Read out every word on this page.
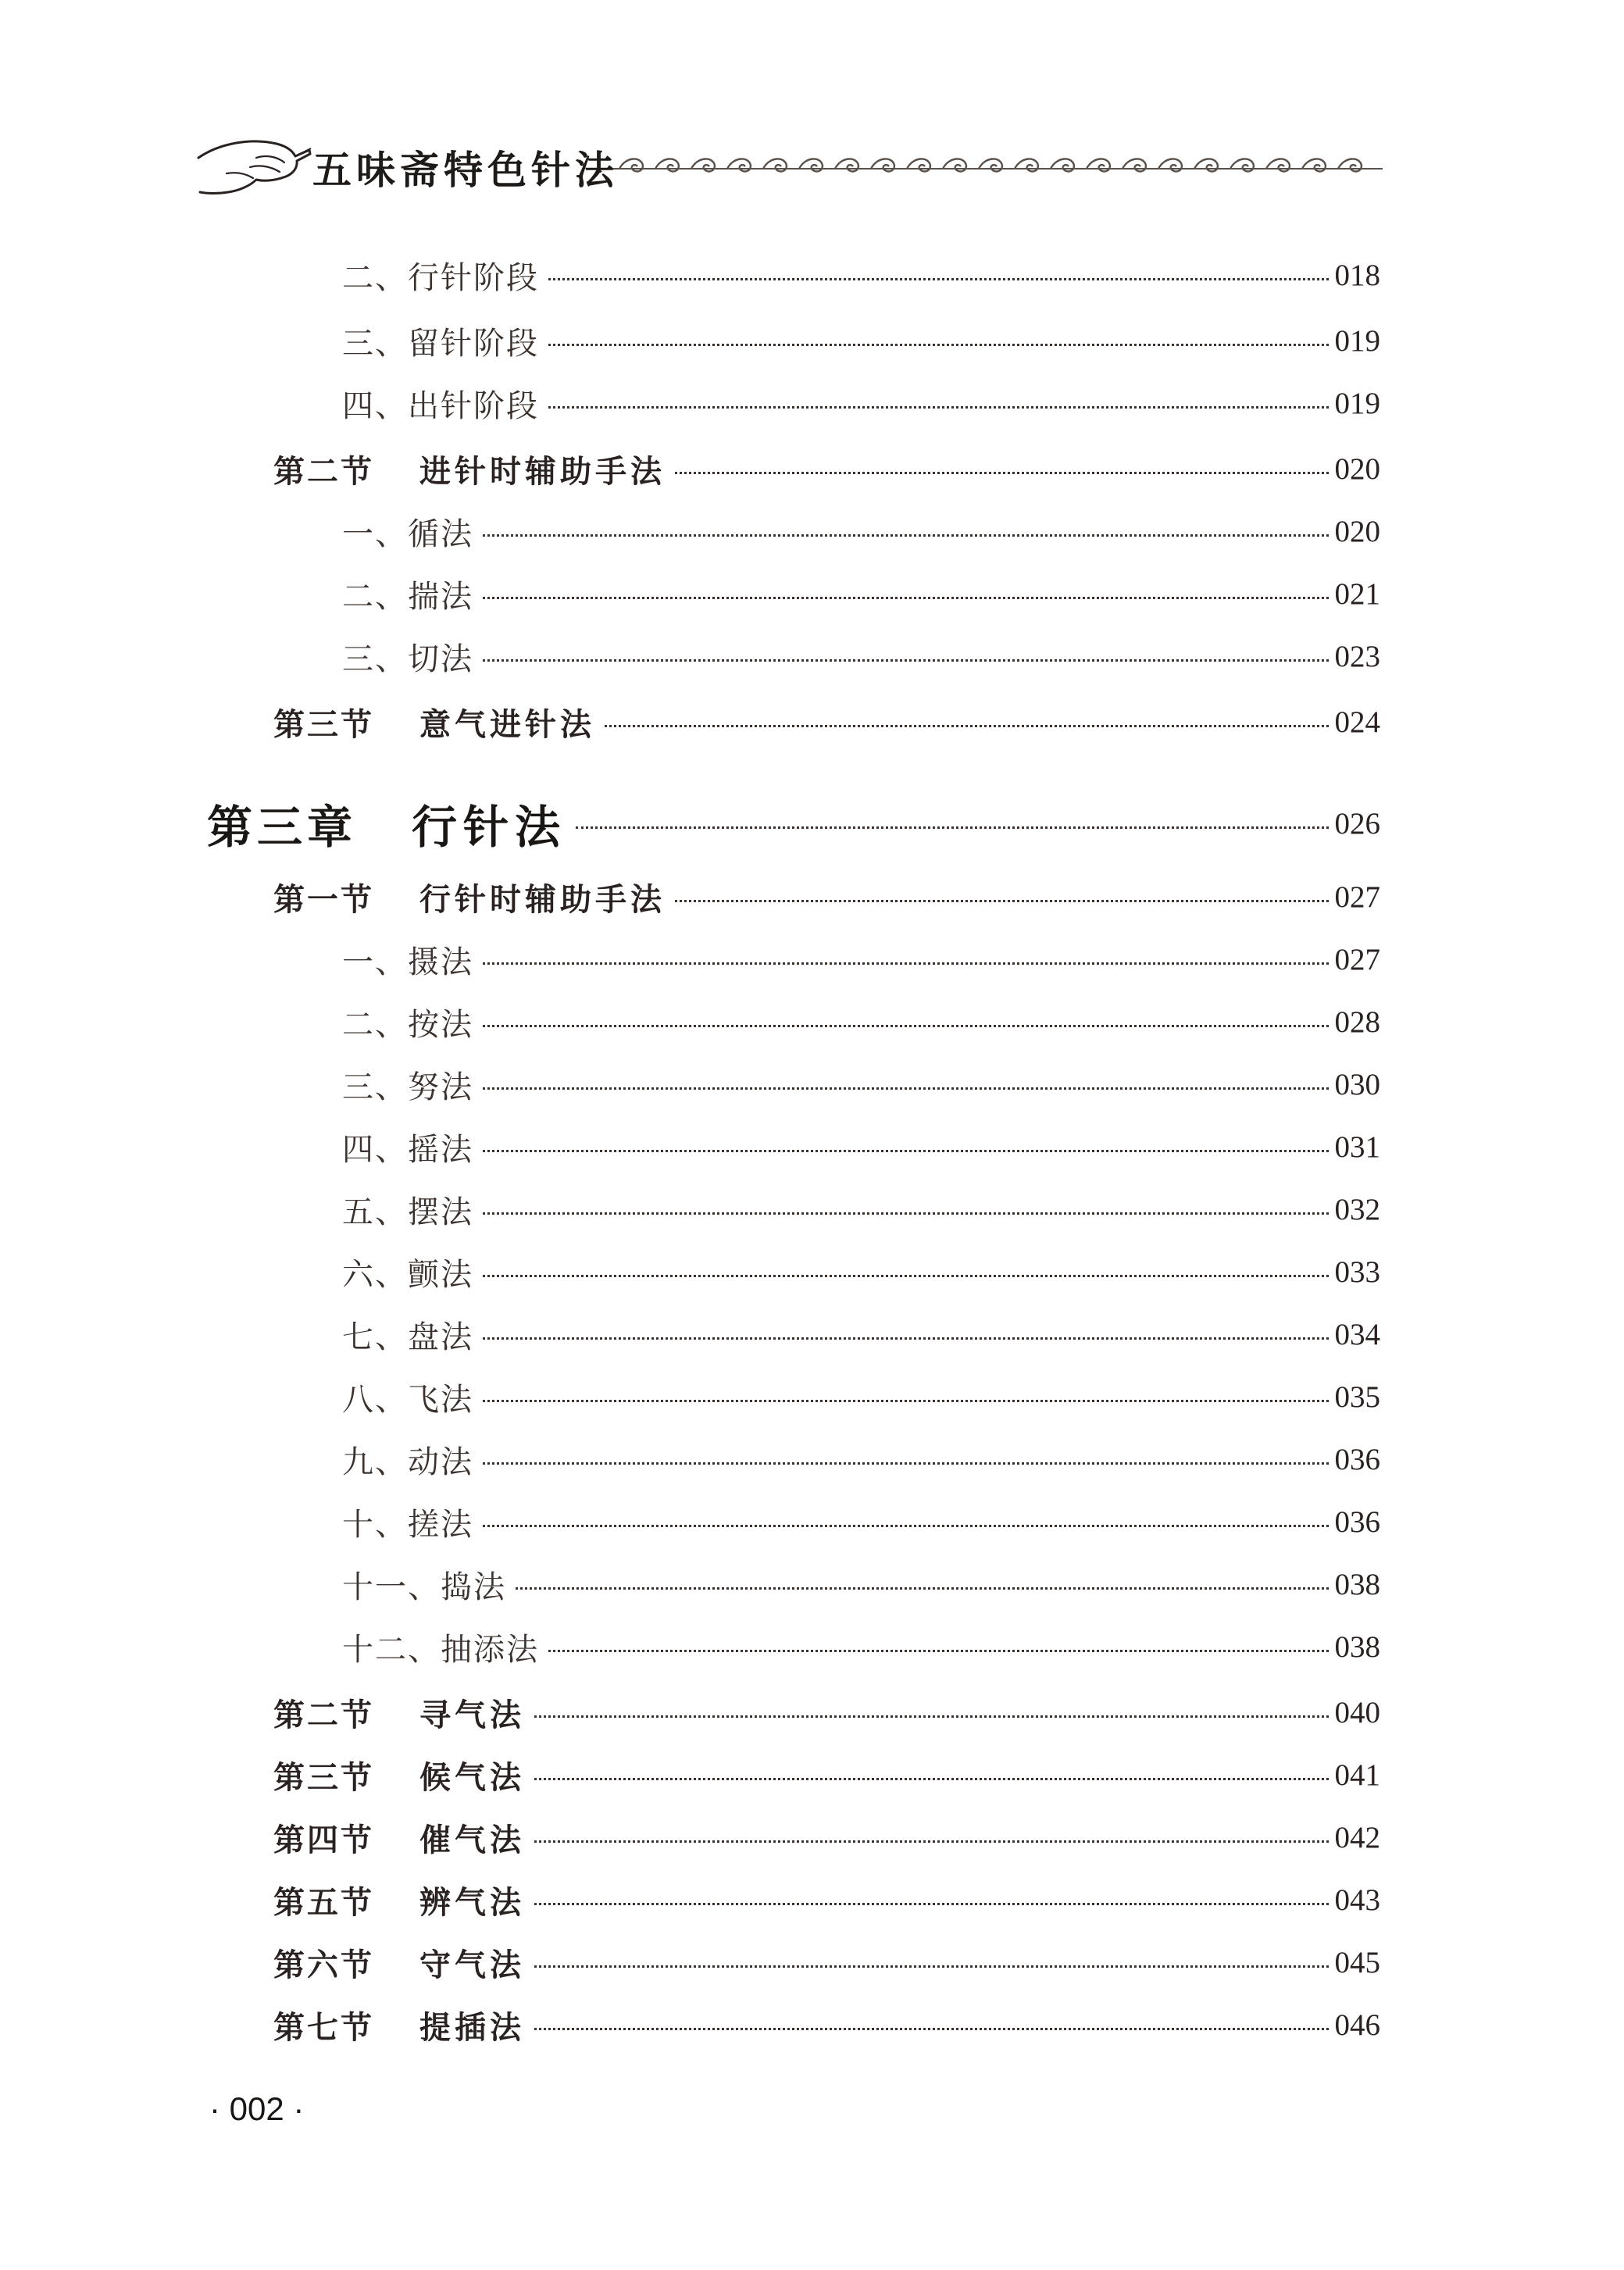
五味斋特色针法
二、 行针阶段	018
三、 留针阶段	019
四、 出针阶段	019
第二节	进针时辅助手法	020
一、 循法	020
二、 揣法	021
三、 切法	023
第三节	意气进针法	024
第三章	行针法	026
第一节	行针时辅助手法	027
一、 摄法	027
二、 按法	028
三、 努法	030
四、 摇法	031
五、 摆法	032
六、 颤法	033
七、 盘法	034
八、 飞法	035
九、 动法	036
十、 搓法	036
十一、 捣法	038
十二、 抽添法	038
第二节	寻气法	040
第三节	候气法	041
第四节	催气法	042
第五节	辨气法	043
第六节	守气法	045
第七节	提插法	046
· 002 ·
